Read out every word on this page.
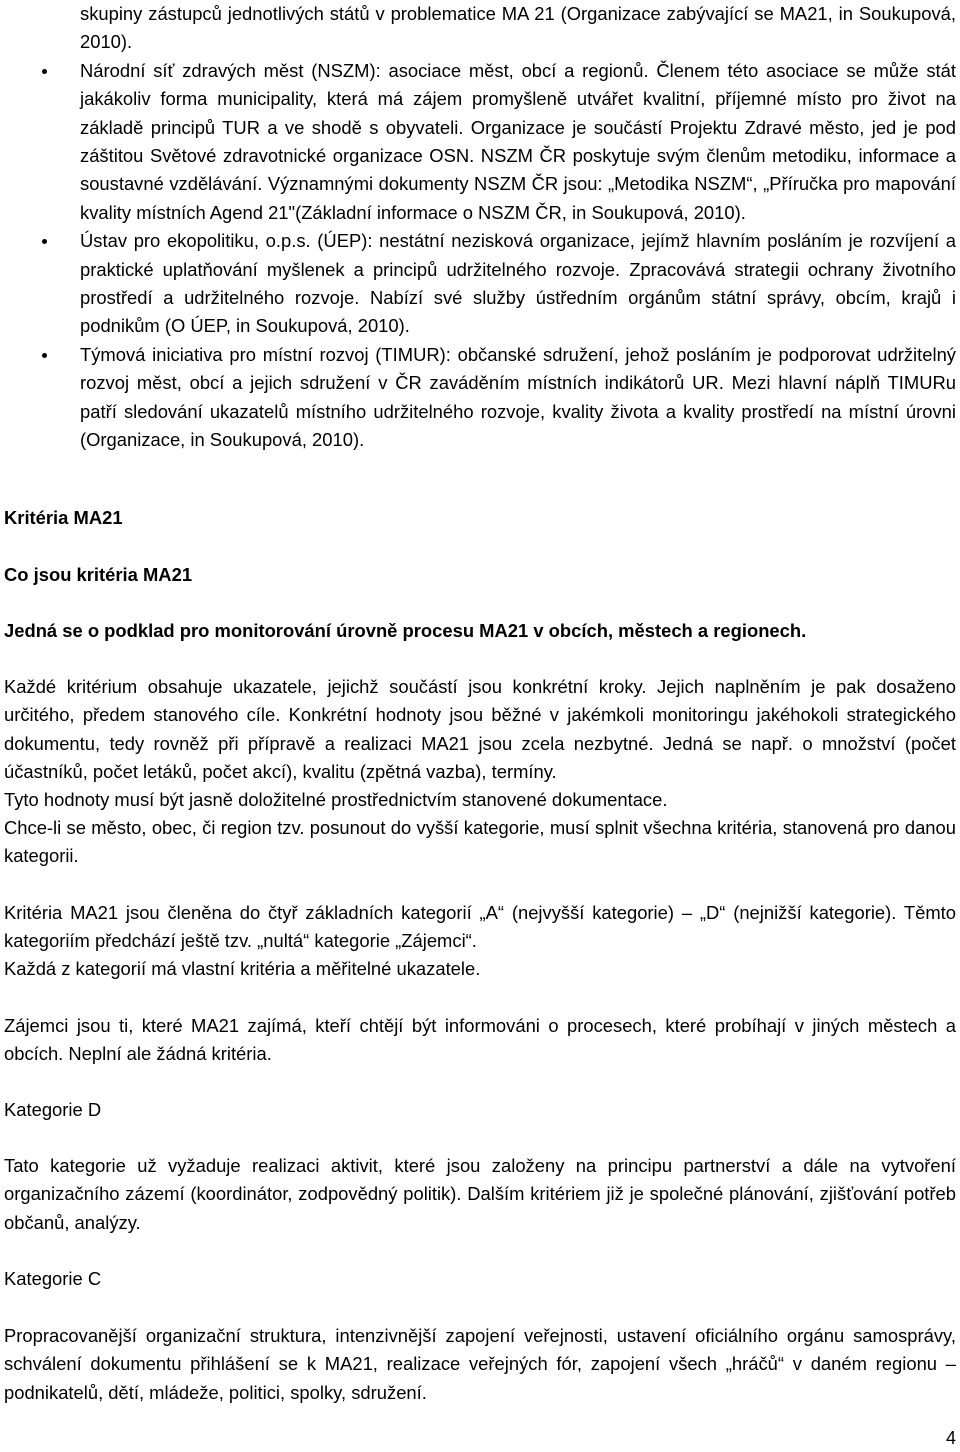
skupiny zástupců jednotlivých států v problematice MA 21 (Organizace zabývající se MA21, in Soukupová, 2010).
Národní síť zdravých měst (NSZM): asociace měst, obcí a regionů. Členem této asociace se může stát jakákoliv forma municipality, která má zájem promyšleně utvářet kvalitní, příjemné místo pro život na základě principů TUR a ve shodě s obyvateli. Organizace je součástí Projektu Zdravé město, jed je pod záštitou Světové zdravotnické organizace OSN. NSZM ČR poskytuje svým členům metodiku, informace a soustavné vzdělávání. Významnými dokumenty NSZM ČR jsou: „Metodika NSZM“, „Příručka pro mapování kvality místních Agend 21"(Základní informace o NSZM ČR, in Soukupová, 2010).
Ústav pro ekopolitiku, o.p.s. (ÚEP): nestátní nezisková organizace, jejímž hlavním posláním je rozvíjení a praktické uplatňování myšlenek a principů udržitelného rozvoje. Zpracovává strategii ochrany životního prostředí a udržitelného rozvoje. Nabízí své služby ústředním orgánům státní správy, obcím, krajů i podnikům (O ÚEP, in Soukupová, 2010).
Týmová iniciativa pro místní rozvoj (TIMUR): občanské sdružení, jehož posláním je podporovat udržitelný rozvoj měst, obcí a jejich sdružení v ČR zaváděním místních indikátorů UR. Mezi hlavní náplň TIMURu patří sledování ukazatelů místního udržitelného rozvoje, kvality života a kvality prostředí na místní úrovni (Organizace, in Soukupová, 2010).

Kritéria MA21

Co jsou kritéria MA21

Jedná se o podklad pro monitorování úrovně procesu MA21 v obcích, městech a regionech.

Každé kritérium obsahuje ukazatele, jejichž součástí jsou konkrétní kroky. Jejich naplněním je pak dosaženo určitého, předem stanového cíle. Konkrétní hodnoty jsou běžné v jakémkoli monitoringu jakéhokoli strategického dokumentu, tedy rovněž při přípravě a realizaci MA21 jsou zcela nezbytné. Jedná se např. o množství (počet účastníků, počet letáků, počet akcí), kvalitu (zpětná vazba), termíny.

Tyto hodnoty musí být jasně doložitelné prostřednictvím stanovené dokumentace.

Chce-li se město, obec, či region tzv. posunout do vyšší kategorie, musí splnit všechna kritéria, stanovená pro danou kategorii.

Kritéria MA21 jsou členěna do čtyř základních kategorií „A“ (nejvyšší kategorie) – „D“ (nejnižší kategorie). Těmto kategoriím předchází ještě tzv. „nultá“ kategorie „Zájemci“.

Každá z kategorií má vlastní kritéria a měřitelné ukazatele.

Zájemci jsou ti, které MA21 zajímá, kteří chtějí být informováni o procesech, které probíhají v jiných městech a obcích. Neplní ale žádná kritéria.

Kategorie D

Tato kategorie už vyžaduje realizaci aktivit, které jsou založeny na principu partnerství a dále na vytvoření organizačního zázemí (koordinátor, zodpovědný politik). Dalším kritériem již je společné plánování, zjišťování potřeb občanů, analýzy.

Kategorie C

Propracovanější organizační struktura, intenzivnější zapojení veřejnosti, ustavení oficiálního orgánu samosprávy, schválení dokumentu přihlášení se k MA21, realizace veřejných fór, zapojení všech „hráčů“ v daném regionu – podnikatelů, dětí, mládeže, politici, spolky, sdružení.

4
